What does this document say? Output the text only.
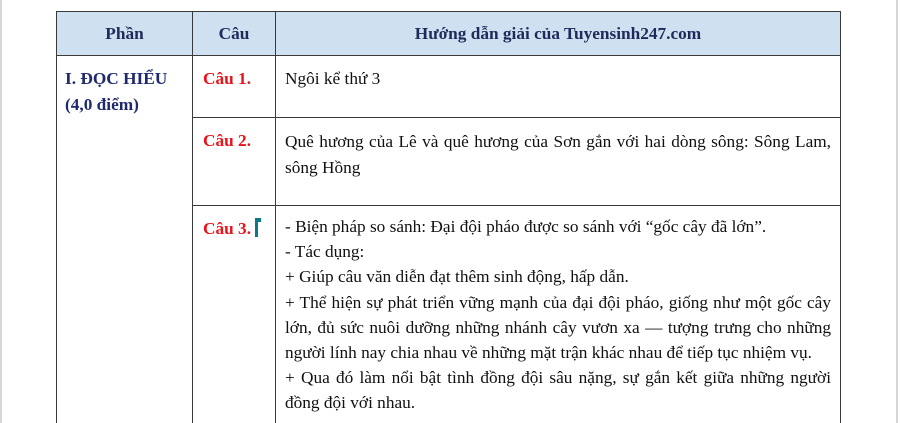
Phần	Câu	Hướng dẫn giải của Tuyensinh247.com
I. ĐỌC HIỂU
(4,0 điểm)	Câu 1.	Ngôi kể thứ 3

	Câu 2.	Quê hương của Lê và quê hương của Sơn gắn với hai dòng sông: Sông Lam, sông Hồng

	Câu 3.	- Biện pháp so sánh: Đại đội pháo được so sánh với “gốc cây đã lớn”.
- Tác dụng:
+ Giúp câu văn diễn đạt thêm sinh động, hấp dẫn.
+ Thể hiện sự phát triển vững mạnh của đại đội pháo, giống như một gốc cây lớn, đủ sức nuôi dưỡng những nhánh cây vươn xa — tượng trưng cho những người lính nay chia nhau về những mặt trận khác nhau để tiếp tục nhiệm vụ.
+ Qua đó làm nổi bật tình đồng đội sâu nặng, sự gắn kết giữa những người đồng đội với nhau.
